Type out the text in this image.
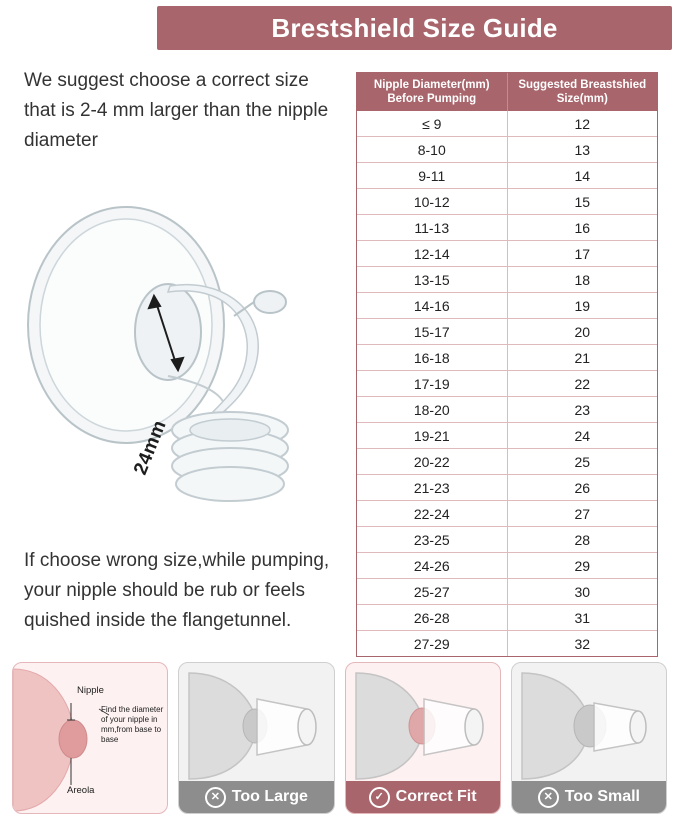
Brestshield Size Guide
We suggest choose a correct size that is 2-4 mm larger than the nipple diameter
24mm
If choose wrong size,while pumping, your nipple should be rub or feels quished inside the flangetunnel.
Nipple Diameter(mm)
Before Pumping

Suggested Breastshied
Size(mm)

≤ 9	12
8-10	13
9-11	14
10-12	15
11-13	16
12-14	17
13-15	18
14-16	19
15-17	20
16-18	21
17-19	22
18-20	23
19-21	24
20-22	25
21-23	26
22-24	27
23-25	28
24-26	29
25-27	30
26-28	31
27-29	32
Nipple
Find the diameter of your nipple in mm,from base to base
Areola	✕ Too Large	✓ Correct Fit	✕ Too Small
